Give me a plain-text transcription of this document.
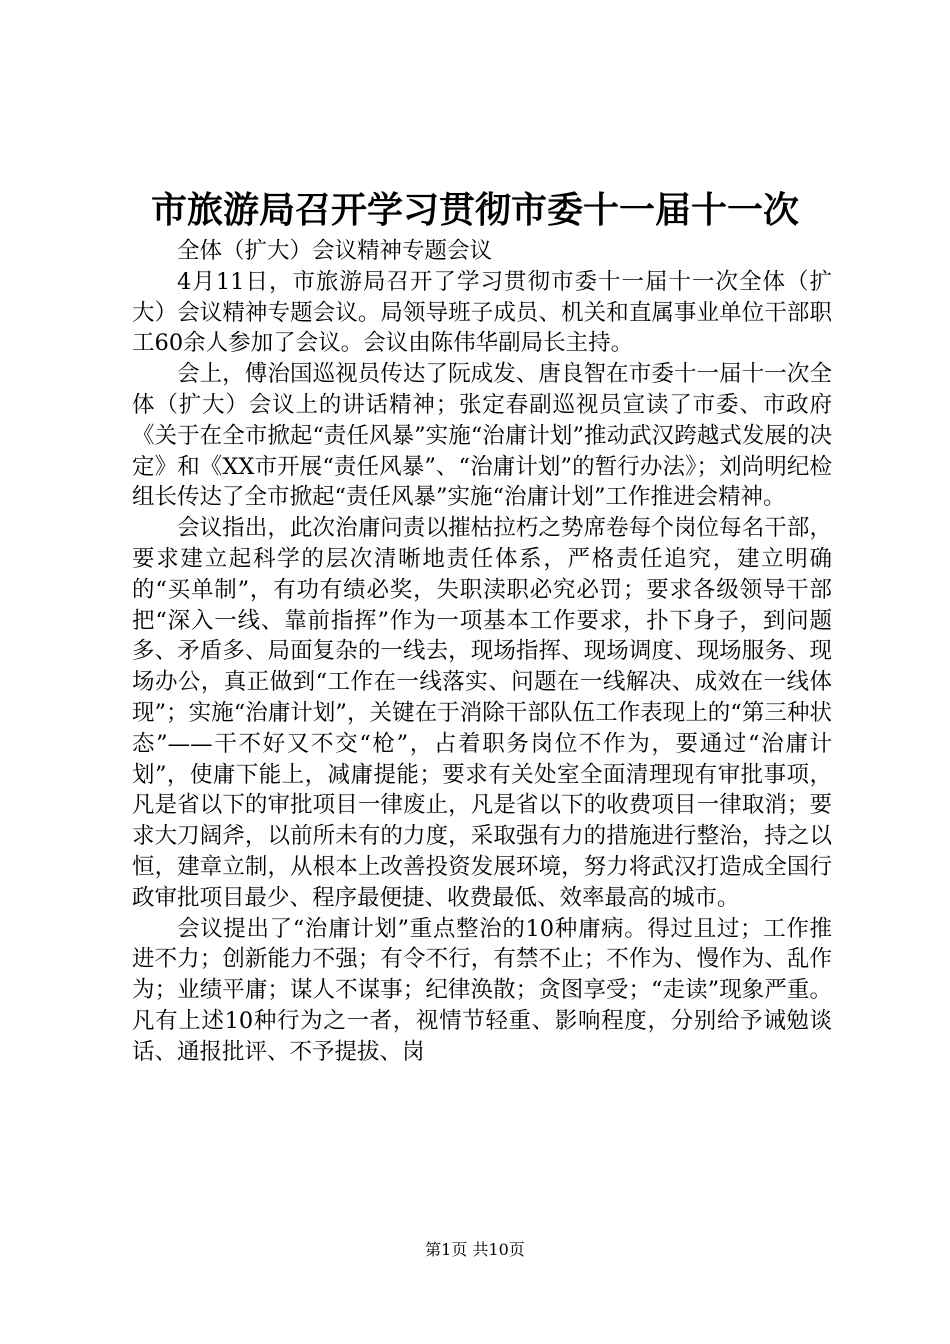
市旅游局召开学习贯彻市委十一届十一次

全体（扩大）会议精神专题会议

4月11日，市旅游局召开了学习贯彻市委十一届十一次全体（扩大）会议精神专题会议。局领导班子成员、机关和直属事业单位干部职工60余人参加了会议。会议由陈伟华副局长主持。

会上，傅治国巡视员传达了阮成发、唐良智在市委十一届十一次全体（扩大）会议上的讲话精神；张定春副巡视员宣读了市委、市政府《关于在全市掀起“责任风暴”实施“治庸计划”推动武汉跨越式发展的决定》和《XX市开展“责任风暴”、“治庸计划”的暂行办法》；刘尚明纪检组长传达了全市掀起“责任风暴”实施“治庸计划”工作推进会精神。

会议指出，此次治庸问责以摧枯拉朽之势席卷每个岗位每名干部，要求建立起科学的层次清晰地责任体系，严格责任追究，建立明确的“买单制”，有功有绩必奖，失职渎职必究必罚；要求各级领导干部把“深入一线、靠前指挥”作为一项基本工作要求，扑下身子，到问题多、矛盾多、局面复杂的一线去，现场指挥、现场调度、现场服务、现场办公，真正做到“工作在一线落实、问题在一线解决、成效在一线体现”；实施“治庸计划”，关键在于消除干部队伍工作表现上的“第三种状态”——干不好又不交“枪”，占着职务岗位不作为，要通过“治庸计划”，使庸下能上，减庸提能；要求有关处室全面清理现有审批事项，凡是省以下的审批项目一律废止，凡是省以下的收费项目一律取消；要求大刀阔斧，以前所未有的力度，采取强有力的措施进行整治，持之以恒，建章立制，从根本上改善投资发展环境，努力将武汉打造成全国行政审批项目最少、程序最便捷、收费最低、效率最高的城市。

会议提出了“治庸计划”重点整治的10种庸病。得过且过；工作推进不力；创新能力不强；有令不行，有禁不止；不作为、慢作为、乱作为；业绩平庸；谋人不谋事；纪律涣散；贪图享受；“走读”现象严重。凡有上述10种行为之一者，视情节轻重、影响程度，分别给予诫勉谈话、通报批评、不予提拔、岗

第1页 共10页
